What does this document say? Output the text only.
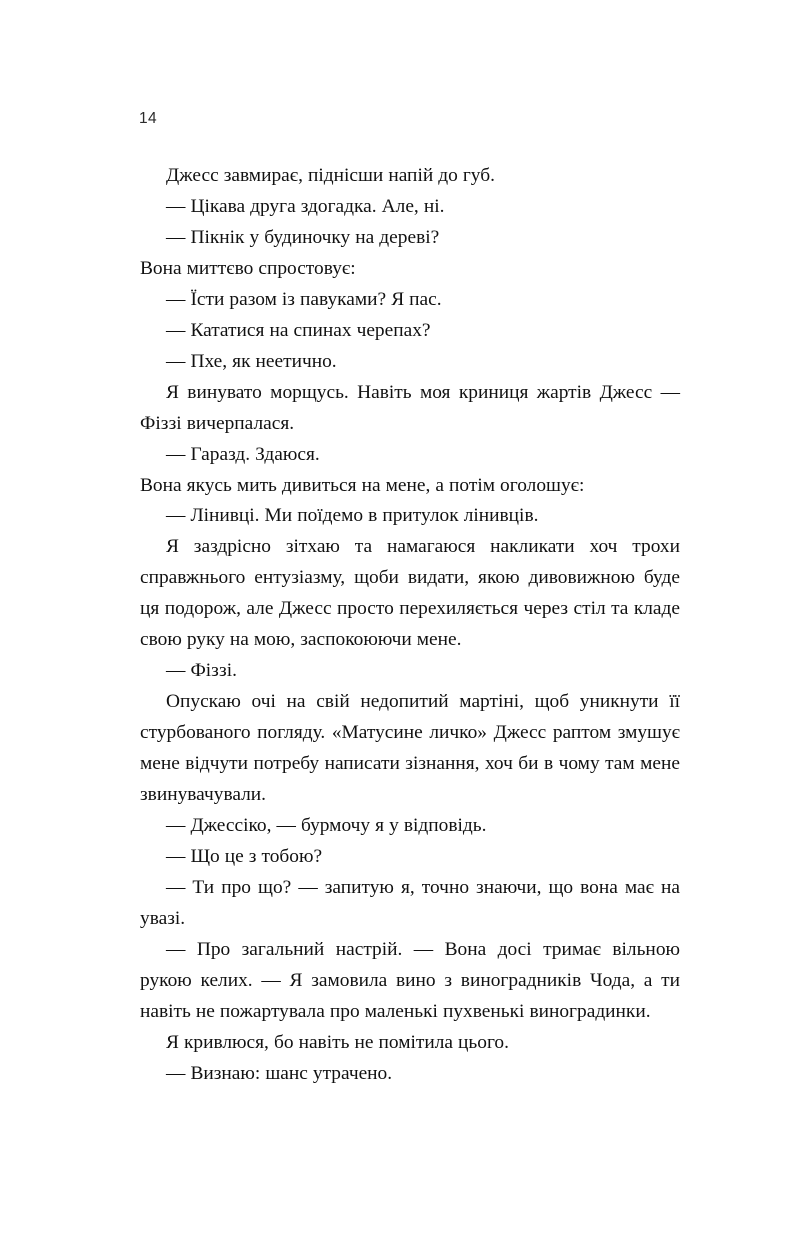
14

Джесс завмирає, піднісши напій до губ.

— Цікава друга здогадка. Але, ні.

— Пікнік у будиночку на дереві?

Вона миттєво спростовує:

— Їсти разом із павуками? Я пас.

— Кататися на спинах черепах?

— Пхе, як неетично.

Я винувато морщусь. Навіть моя криниця жартів Джесс — Фіззі вичерпалася.

— Гаразд. Здаюся.

Вона якусь мить дивиться на мене, а потім оголошує:

— Лінивці. Ми поїдемо в притулок лінивців.

Я заздрісно зітхаю та намагаюся накликати хоч трохи справжнього ентузіазму, щоби видати, якою дивовижною буде ця подорож, але Джесс просто перехиляється через стіл та кладе свою руку на мою, заспокоюючи мене.

— Фіззі.

Опускаю очі на свій недопитий мартіні, щоб уникнути її стурбованого погляду. «Матусине личко» Джесс раптом змушує мене відчути потребу написати зізнання, хоч би в чому там мене звинувачували.

— Джессіко, — бурмочу я у відповідь.

— Що це з тобою?

— Ти про що? — запитую я, точно знаючи, що вона має на увазі.

— Про загальний настрій. — Вона досі тримає вільною рукою келих. — Я замовила вино з виноградників Чода, а ти навіть не пожартувала про маленькі пухвенькі виноградинки.

Я кривлюся, бо навіть не помітила цього.

— Визнаю: шанс утрачено.
